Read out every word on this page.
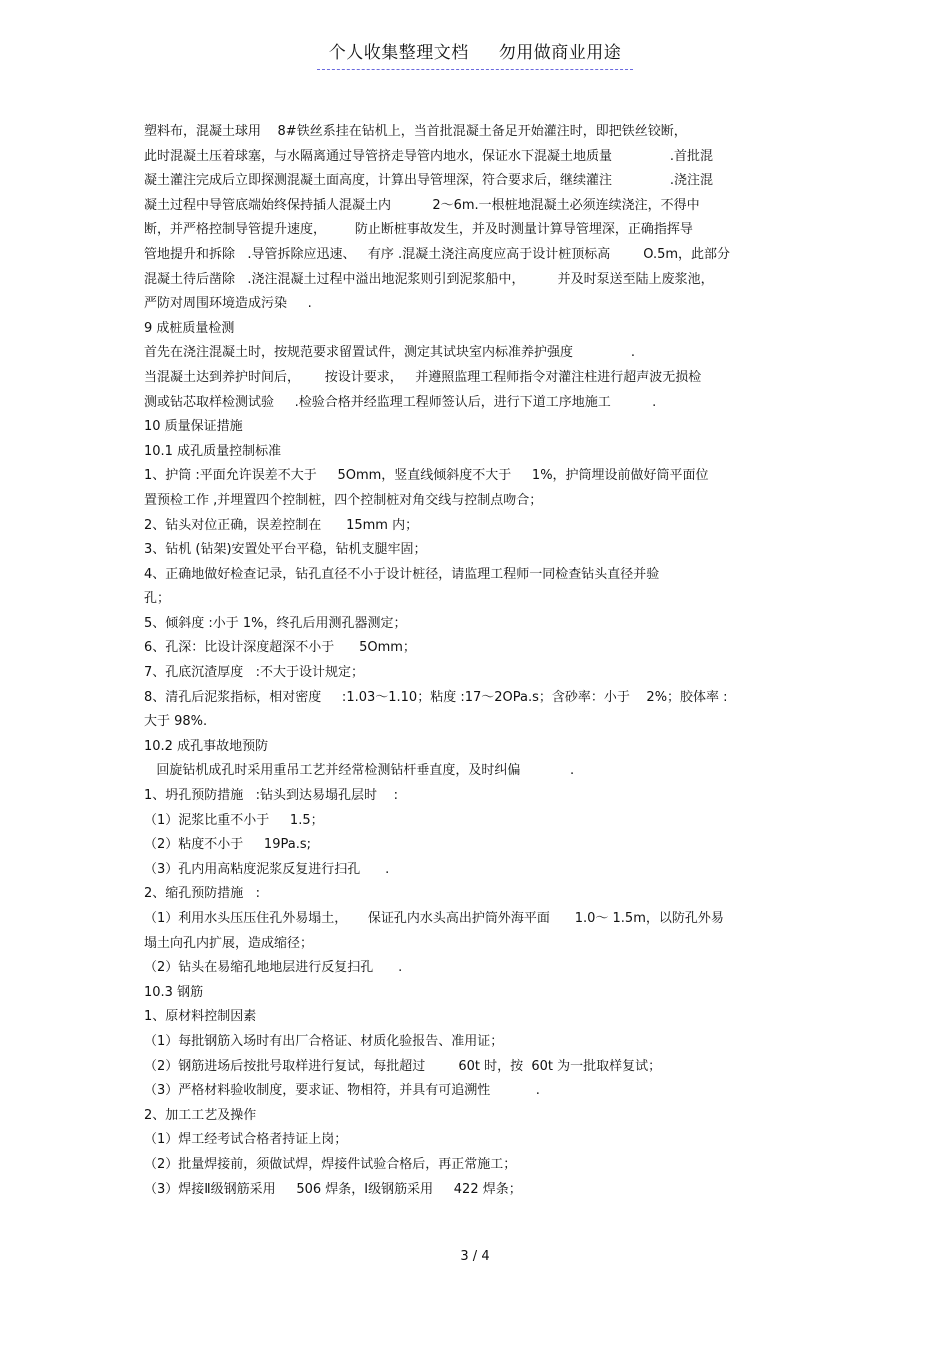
个人收集整理文档 勿用做商业用途

塑料布，混凝土球用    8#铁丝系挂在钻机上，当首批混凝土备足开始灌注时，即把铁丝铰断，

此时混凝土压着球塞，与水隔离通过导管挤走导管内地水，保证水下混凝土地质量              .首批混

凝土灌注完成后立即探测混凝土面高度，计算出导管埋深，符合要求后，继续灌注              .浇注混

凝土过程中导管底端始终保持插人混凝土内          2～6m.一根桩地混凝土必须连续浇注，不得中

断，并严格控制导管提升速度，       防止断桩事故发生，并及时测量计算导管埋深，正确指挥导

管地提升和拆除   .导管拆除应迅速、   有序 .混凝土浇注高度应高于设计桩顶标高        O.5m，此部分

混凝土待后凿除   .浇注混凝土过程中溢出地泥浆则引到泥浆船中，        并及时泵送至陆上废浆池，

严防对周围环境造成污染     .

9 成桩质量检测

首先在浇注混凝土时，按规范要求留置试件，测定其试块室内标准养护强度              .

当混凝土达到养护时间后，      按设计要求，   并遵照监理工程师指令对灌注柱进行超声波无损检

测或钻芯取样检测试验     .检验合格并经监理工程师签认后，进行下道工序地施工          .

10 质量保证措施

10.1 成孔质量控制标准

1、护筒 :平面允许误差不大于     5Omm，竖直线倾斜度不大于     1%，护筒埋设前做好筒平面位

置预检工作 ,并埋置四个控制桩，四个控制桩对角交线与控制点吻合；

2、钻头对位正确，误差控制在      15mm 内；

3、钻机 (钻架)安置处平台平稳，钻机支腿牢固；

4、正确地做好检查记录，钻孔直径不小于设计桩径，请监理工程师一同检查钻头直径并验

孔；

5、倾斜度 :小于 1%，终孔后用测孔器测定；

6、孔深：比设计深度超深不小于      5Omm；

7、孔底沉渣厚度   :不大于设计规定；

8、清孔后泥浆指标，相对密度     :1.03～1.10；粘度 :17～2OPa.s；含砂率：小于    2%；胶体率 :

大于 98%.

10.2 成孔事故地预防

回旋钻机成孔时采用重吊工艺并经常检测钻杆垂直度，及时纠偏            .

1、坍孔预防措施   :钻头到达易塌孔层时    :

（1）泥浆比重不小于     1.5；

（2）粘度不小于     19Pa.s;

（3）孔内用高粘度泥浆反复进行扫孔      .

2、缩孔预防措施   :

（1）利用水头压压住孔外易塌土，     保证孔内水头高出护筒外海平面      1.0～ 1.5m，以防孔外易

塌土向孔内扩展，造成缩径；

（2）钻头在易缩孔地地层进行反复扫孔      .

10.3 钢筋

1、原材料控制因素

（1）每批钢筋入场时有出厂合格证、材质化验报告、准用证；

（2）钢筋进场后按批号取样进行复试，每批超过        60t 时，按  60t 为一批取样复试；

（3）严格材料验收制度，要求证、物相符，并具有可追溯性           .

2、加工工艺及操作

（1）焊工经考试合格者持证上岗；

（2）批量焊接前，须做试焊，焊接件试验合格后，再正常施工；

（3）焊接Ⅱ级钢筋采用     506 焊条，Ⅰ级钢筋采用     422 焊条；

3 / 4
